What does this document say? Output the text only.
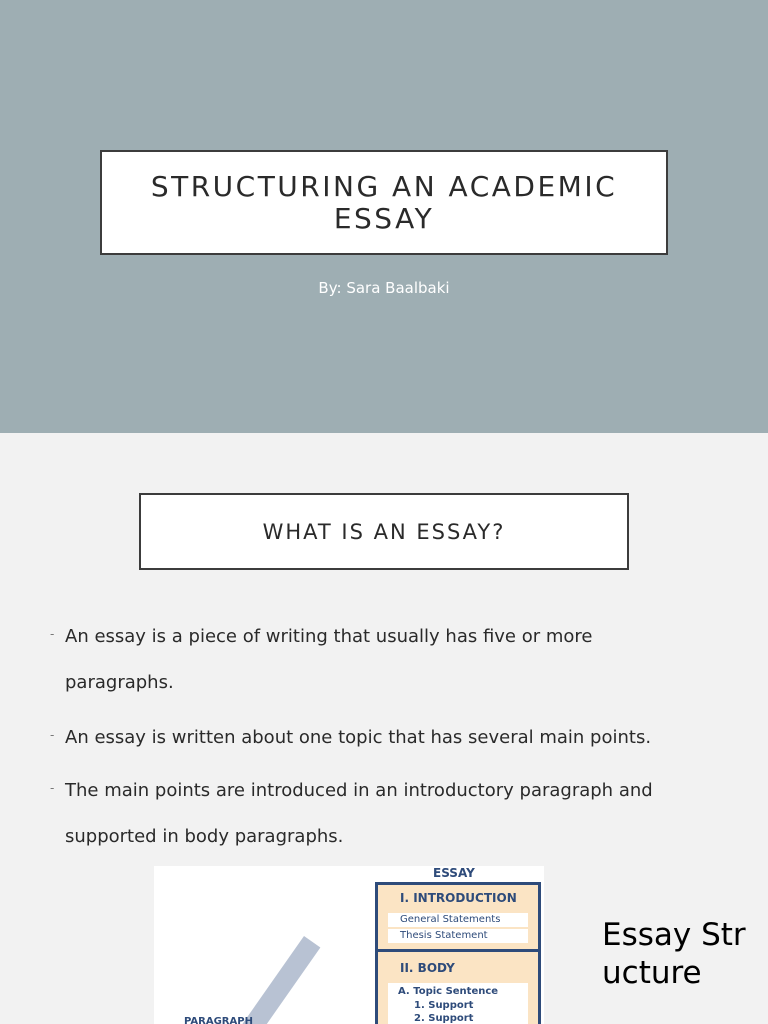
STRUCTURING AN ACADEMIC ESSAY
By: Sara Baalbaki
WHAT IS AN ESSAY?
- An essay is a piece of writing that usually has five or more
paragraphs.
- An essay is written about one topic that has several main points.
- The main points are introduced in an introductory paragraph and
supported in body paragraphs.
ESSAY
I. INTRODUCTION
General Statements
Thesis Statement
II. BODY
A. Topic Sentence
1. Support
2. Support
PARAGRAPH
Essay Structure
